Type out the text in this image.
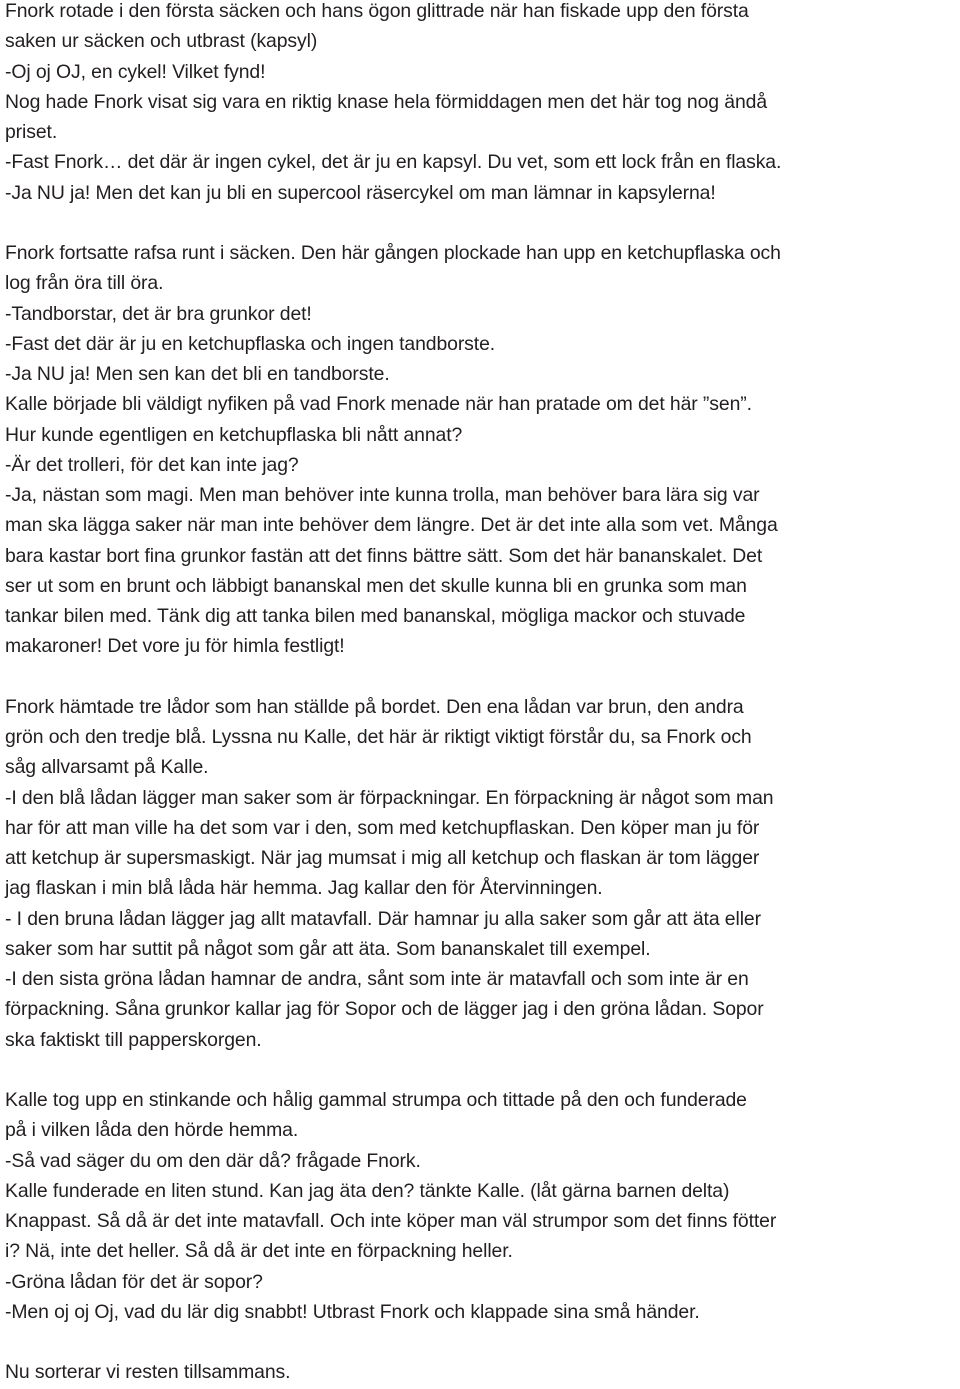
Fnork rotade i den första säcken och hans ögon glittrade när han fiskade upp den första
saken ur säcken och utbrast (kapsyl)
-Oj oj OJ, en cykel! Vilket fynd!
Nog hade Fnork visat sig vara en riktig knase hela förmiddagen men det här tog nog ändå
priset.
-Fast Fnork… det där är ingen cykel, det är ju en kapsyl. Du vet, som ett lock från en flaska.
-Ja NU ja! Men det kan ju bli en supercool räsercykel om man lämnar in kapsylerna!
Fnork fortsatte rafsa runt i säcken. Den här gången plockade han upp en ketchupflaska och
log från öra till öra.
-Tandborstar, det är bra grunkor det!
-Fast det där är ju en ketchupflaska och ingen tandborste.
-Ja NU ja! Men sen kan det bli en tandborste.
Kalle började bli väldigt nyfiken på vad Fnork menade när han pratade om det här ”sen”.
Hur kunde egentligen en ketchupflaska bli nått annat?
-Är det trolleri, för det kan inte jag?
-Ja, nästan som magi. Men man behöver inte kunna trolla, man behöver bara lära sig var
man ska lägga saker när man inte behöver dem längre. Det är det inte alla som vet. Många
bara kastar bort fina grunkor fastän att det finns bättre sätt. Som det här bananskalet. Det
ser ut som en brunt och läbbigt bananskal men det skulle kunna bli en grunka som man
tankar bilen med. Tänk dig att tanka bilen med bananskal, mögliga mackor och stuvade
makaroner! Det vore ju för himla festligt!
Fnork hämtade tre lådor som han ställde på bordet. Den ena lådan var brun, den andra
grön och den tredje blå. Lyssna nu Kalle, det här är riktigt viktigt förstår du, sa Fnork och
såg allvarsamt på Kalle.
-I den blå lådan lägger man saker som är förpackningar. En förpackning är något som man
har för att man ville ha det som var i den, som med ketchupflaskan. Den köper man ju för
att ketchup är supersmaskigt. När jag mumsat i mig all ketchup och flaskan är tom lägger
jag flaskan i min blå låda här hemma. Jag kallar den för Återvinningen.
- I den bruna lådan lägger jag allt matavfall. Där hamnar ju alla saker som går att äta eller
saker som har suttit på något som går att äta. Som bananskalet till exempel.
-I den sista gröna lådan hamnar de andra, sånt som inte är matavfall och som inte är en
förpackning. Såna grunkor kallar jag för Sopor och de lägger jag i den gröna lådan. Sopor
ska faktiskt till papperskorgen.
Kalle tog upp en stinkande och hålig gammal strumpa och tittade på den och funderade
på i vilken låda den hörde hemma.
-Så vad säger du om den där då? frågade Fnork.
Kalle funderade en liten stund. Kan jag äta den? tänkte Kalle. (låt gärna barnen delta)
Knappast. Så då är det inte matavfall. Och inte köper man väl strumpor som det finns fötter
i? Nä, inte det heller. Så då är det inte en förpackning heller.
-Gröna lådan för det är sopor?
-Men oj oj Oj, vad du lär dig snabbt! Utbrast Fnork och klappade sina små händer.
Nu sorterar vi resten tillsammans.
